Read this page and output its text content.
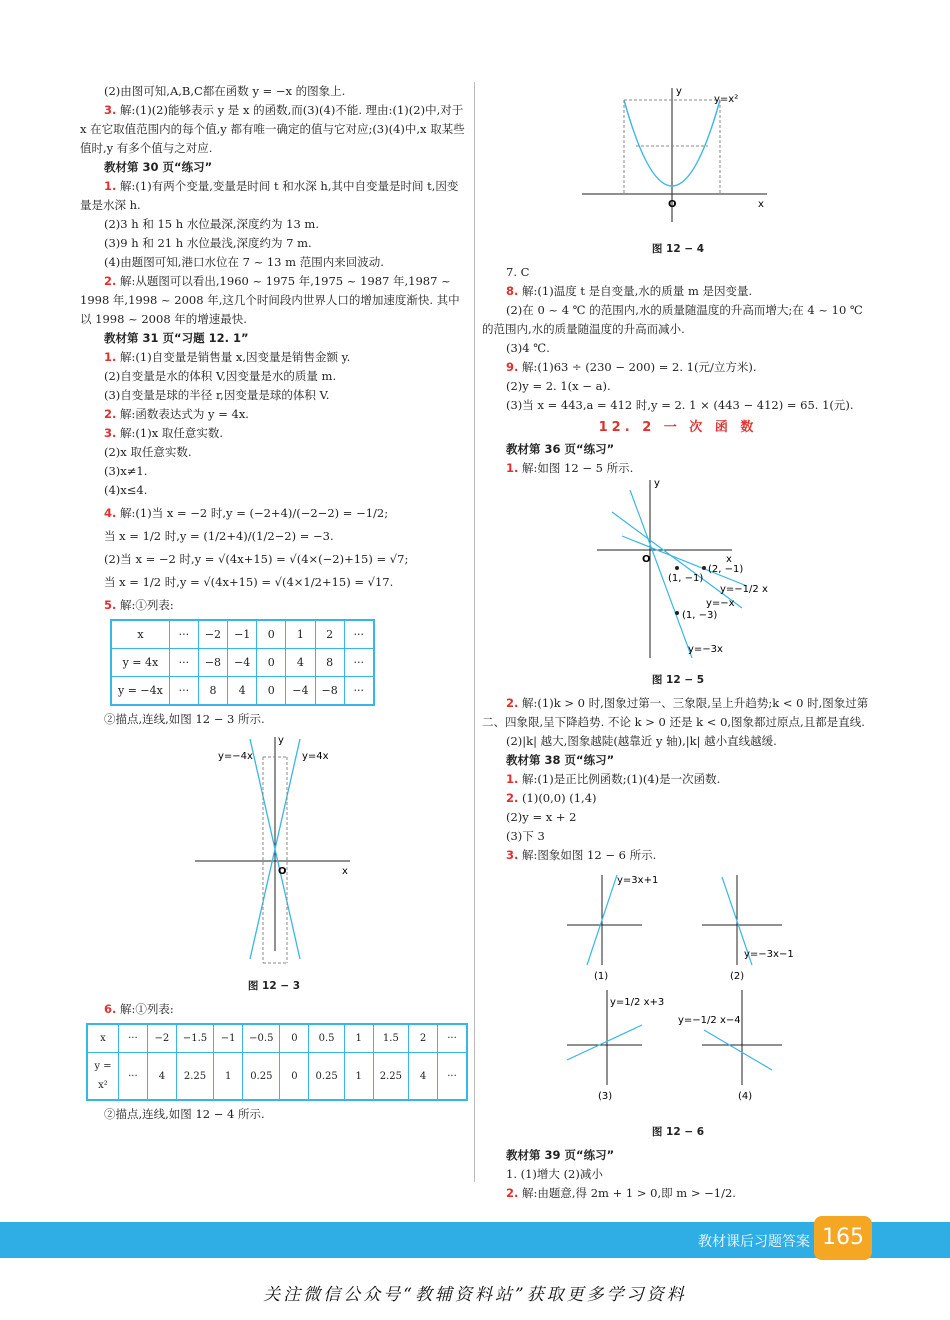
(2)由图可知,A,B,C都在函数 y = −x 的图象上.

3. 解:(1)(2)能够表示 y 是 x 的函数,而(3)(4)不能. 理由:(1)(2)中,对于 x 在它取值范围内的每个值,y 都有唯一确定的值与它对应;(3)(4)中,x 取某些值时,y 有多个值与之对应.

教材第 30 页“练习”

1. 解:(1)有两个变量,变量是时间 t 和水深 h,其中自变量是时间 t,因变量是水深 h.

(2)3 h 和 15 h 水位最深,深度约为 13 m.

(3)9 h 和 21 h 水位最浅,深度约为 7 m.

(4)由题图可知,港口水位在 7 ~ 13 m 范围内来回波动.

2. 解:从题图可以看出,1960 ~ 1975 年,1975 ~ 1987 年,1987 ~ 1998 年,1998 ~ 2008 年,这几个时间段内世界人口的增加速度渐快. 其中以 1998 ~ 2008 年的增速最快.

教材第 31 页“习题 12. 1”

1. 解:(1)自变量是销售量 x,因变量是销售金额 y.

(2)自变量是水的体积 V,因变量是水的质量 m.

(3)自变量是球的半径 r,因变量是球的体积 V.

2. 解:函数表达式为 y = 4x.

3. 解:(1)x 取任意实数.

(2)x 取任意实数.

(3)x≠1.

(4)x≤4.

4. 解:(1)当 x = −2 时,y = (−2+4)/(−2−2) = −1/2;

当 x = 1/2 时,y = (1/2+4)/(1/2−2) = −3.

(2)当 x = −2 时,y = √(4x+15) = √(4×(−2)+15) = √7;

当 x = 1/2 时,y = √(4x+15) = √(4×1/2+15) = √17.

5. 解:①列表:

x	···	−2	−1	0	1	2	···
y = 4x	···	−8	−4	0	4	8	···
y = −4x	···	8	4	0	−4	−8	···

②描点,连线,如图 12 − 3 所示.

y=−4x	y=4x
y
x
O

图 12 − 3

6. 解:①列表:

x	···	−2	−1.5	−1	−0.5	0	0.5	1	1.5	2	···
y = x²	···	4	2.25	1	0.25	0	0.25	1	2.25	4	···

②描点,连线,如图 12 − 4 所示.

y=x²
y
x
O

图 12 − 4

7. C

8. 解:(1)温度 t 是自变量,水的质量 m 是因变量.

(2)在 0 ~ 4 ℃ 的范围内,水的质量随温度的升高而增大;在 4 ~ 10 ℃ 的范围内,水的质量随温度的升高而减小.

(3)4 ℃.

9. 解:(1)63 ÷ (230 − 200) = 2. 1(元/立方米).

(2)y = 2. 1(x − a).

(3)当 x = 443,a = 412 时,y = 2. 1 × (443 − 412) = 65. 1(元).

12. 2 一 次 函 数

教材第 36 页“练习”

1. 解:如图 12 − 5 所示.

y
x
O
(2, −1)
(1, −1)
(1, −3)
y=−1/2 x
y=−x
y=−3x

图 12 − 5

2. 解:(1)k > 0 时,图象过第一、三象限,呈上升趋势;k < 0 时,图象过第二、四象限,呈下降趋势. 不论 k > 0 还是 k < 0,图象都过原点,且都是直线.

(2)|k| 越大,图象越陡(越靠近 y 轴),|k| 越小直线越缓.

教材第 38 页“练习”

1. 解:(1)是正比例函数;(1)(4)是一次函数.

2. (1)(0,0) (1,4)

(2)y = x + 2

(3)下 3

3. 解:图象如图 12 − 6 所示.

y=3x+1
(1)
y=−3x−1
(2)
y=1/2 x+3
(3)
y=−1/2 x−4
(4)

图 12 − 6

教材第 39 页“练习”

1. (1)增大 (2)减小

2. 解:由题意,得 2m + 1 > 0,即 m > −1/2.

教材课后习题答案 165
关注微信公众号“教辅资料站”获取更多学习资料
